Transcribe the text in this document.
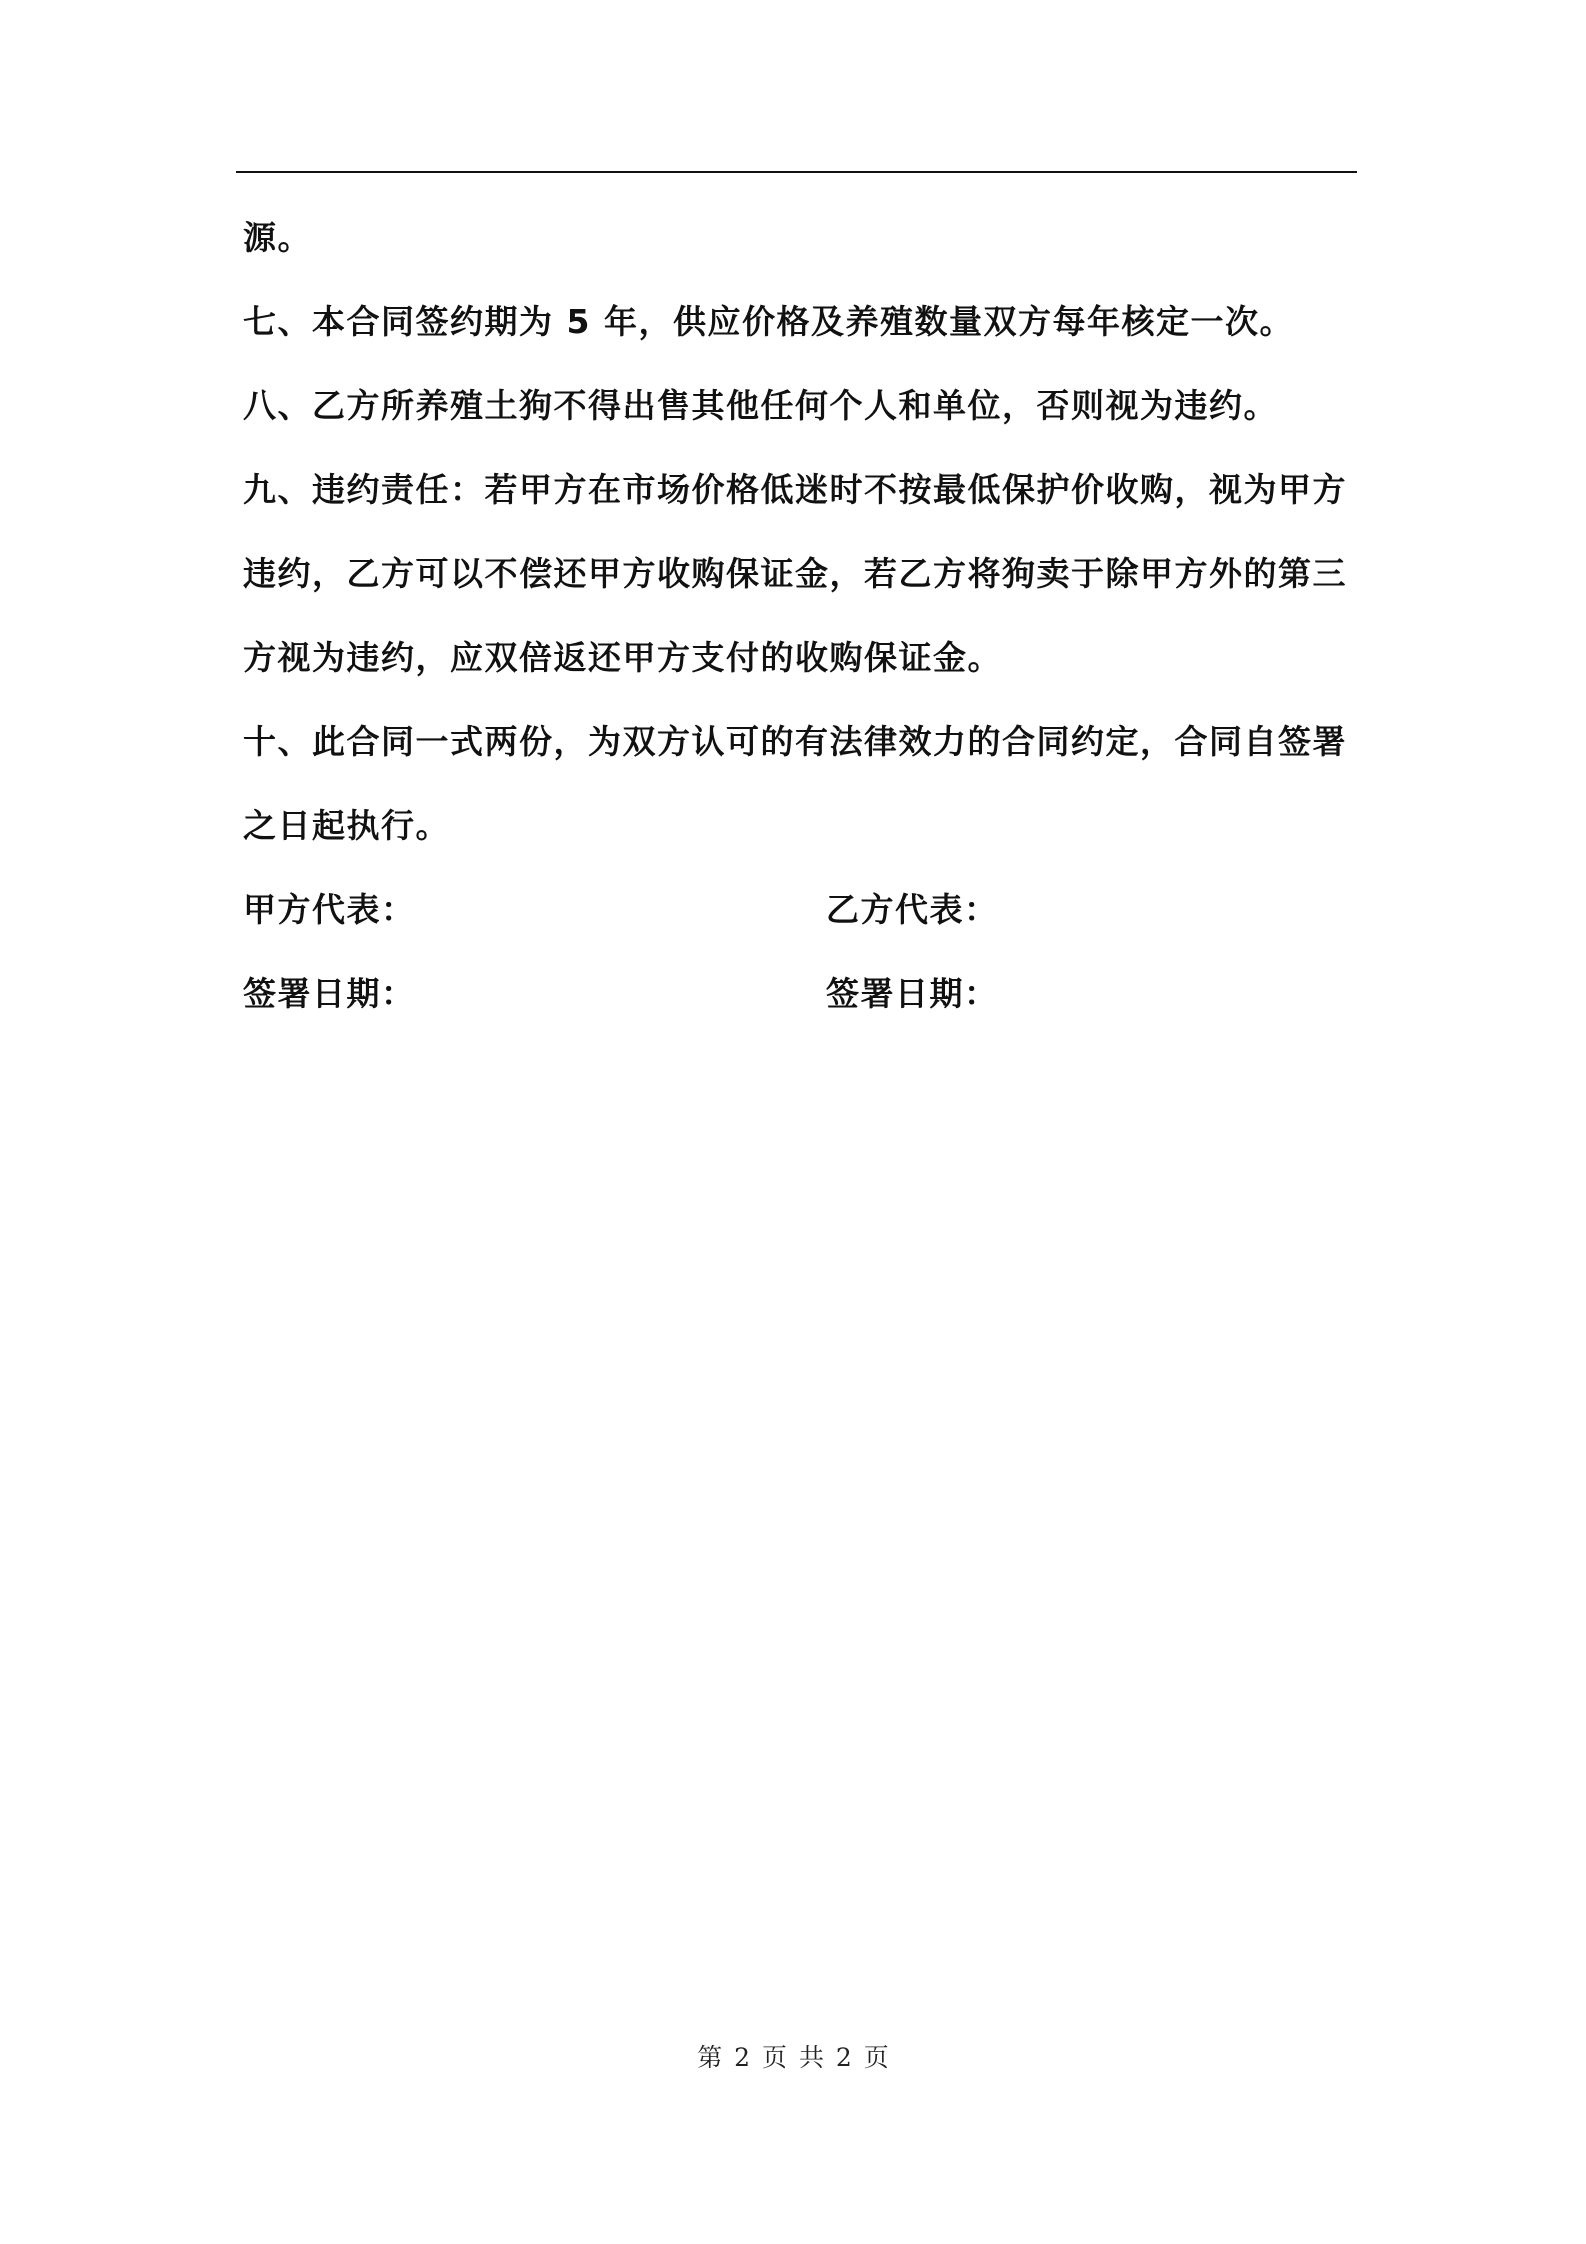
源。

七、本合同签约期为 5 年，供应价格及养殖数量双方每年核定一次。

八、乙方所养殖土狗不得出售其他任何个人和单位，否则视为违约。

九、违约责任：若甲方在市场价格低迷时不按最低保护价收购，视为甲方违约，乙方可以不偿还甲方收购保证金，若乙方将狗卖于除甲方外的第三方视为违约，应双倍返还甲方支付的收购保证金。

十、此合同一式两份，为双方认可的有法律效力的合同约定，合同自签署之日起执行。

甲方代表：	乙方代表：
签署日期：	签署日期：
第 2 页 共 2 页
